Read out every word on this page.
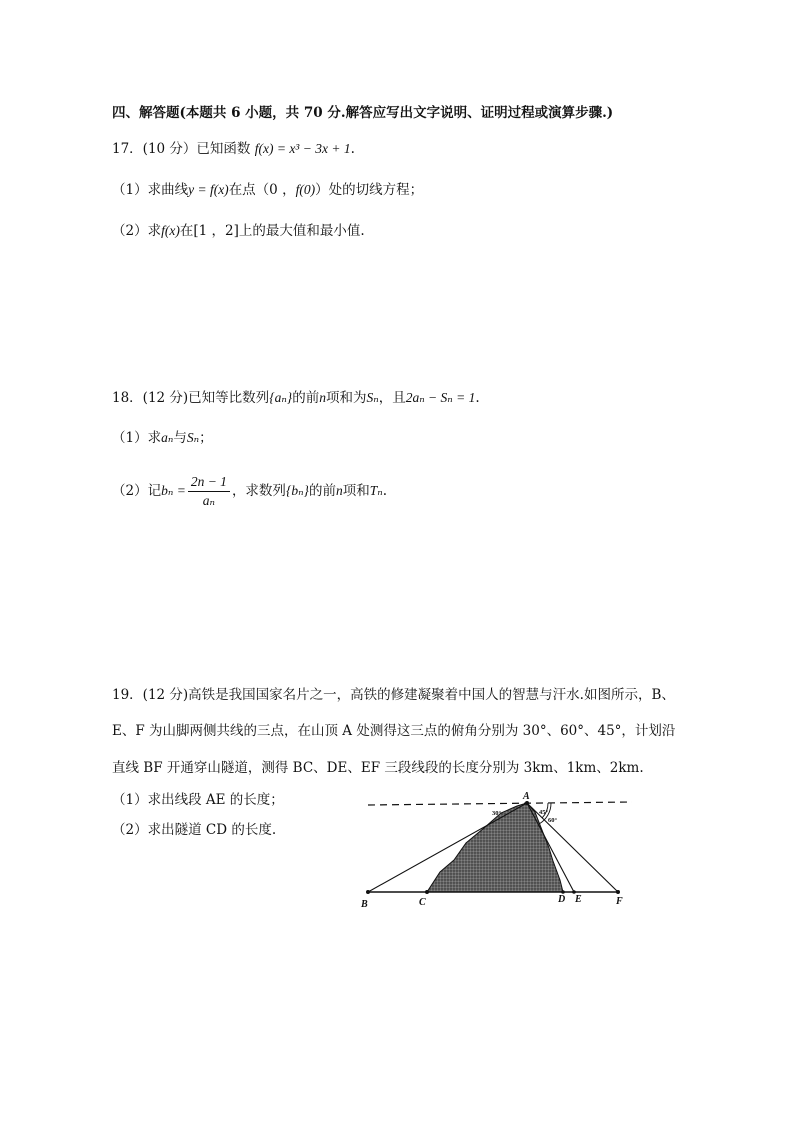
四、解答题(本题共 6 小题，共 70 分.解答应写出文字说明、证明过程或演算步骤.)
17．(10 分）已知函数 f(x) = x³ − 3x + 1.
（1）求曲线y = f(x)在点（0 ，f(0)）处的切线方程；
（2）求f(x)在[1 ，2]上的最大值和最小值.
18．(12 分)已知等比数列{aₙ}的前n项和为Sₙ，且2aₙ − Sₙ = 1.
（1）求aₙ与Sₙ；
（2）记$b_n = \frac{2n - 1}{\text{aₙ}}$ ，求数列{bₙ}的前n项和Tₙ.
19．(12 分)高铁是我国国家名片之一，高铁的修建凝聚着中国人的智慧与汗水.如图所示，B、
E、F 为山脚两侧共线的三点，在山顶 A 处测得这三点的俯角分别为 30°、60°、45°，计划沿
直线 BF 开通穿山隧道，测得 BC、DE、EF 三段线段的长度分别为 3km、1km、2km.
（1）求出线段 AE 的长度；
（2）求出隧道 CD 的长度.
A
B	C	D E	F
30°	45°
60°
